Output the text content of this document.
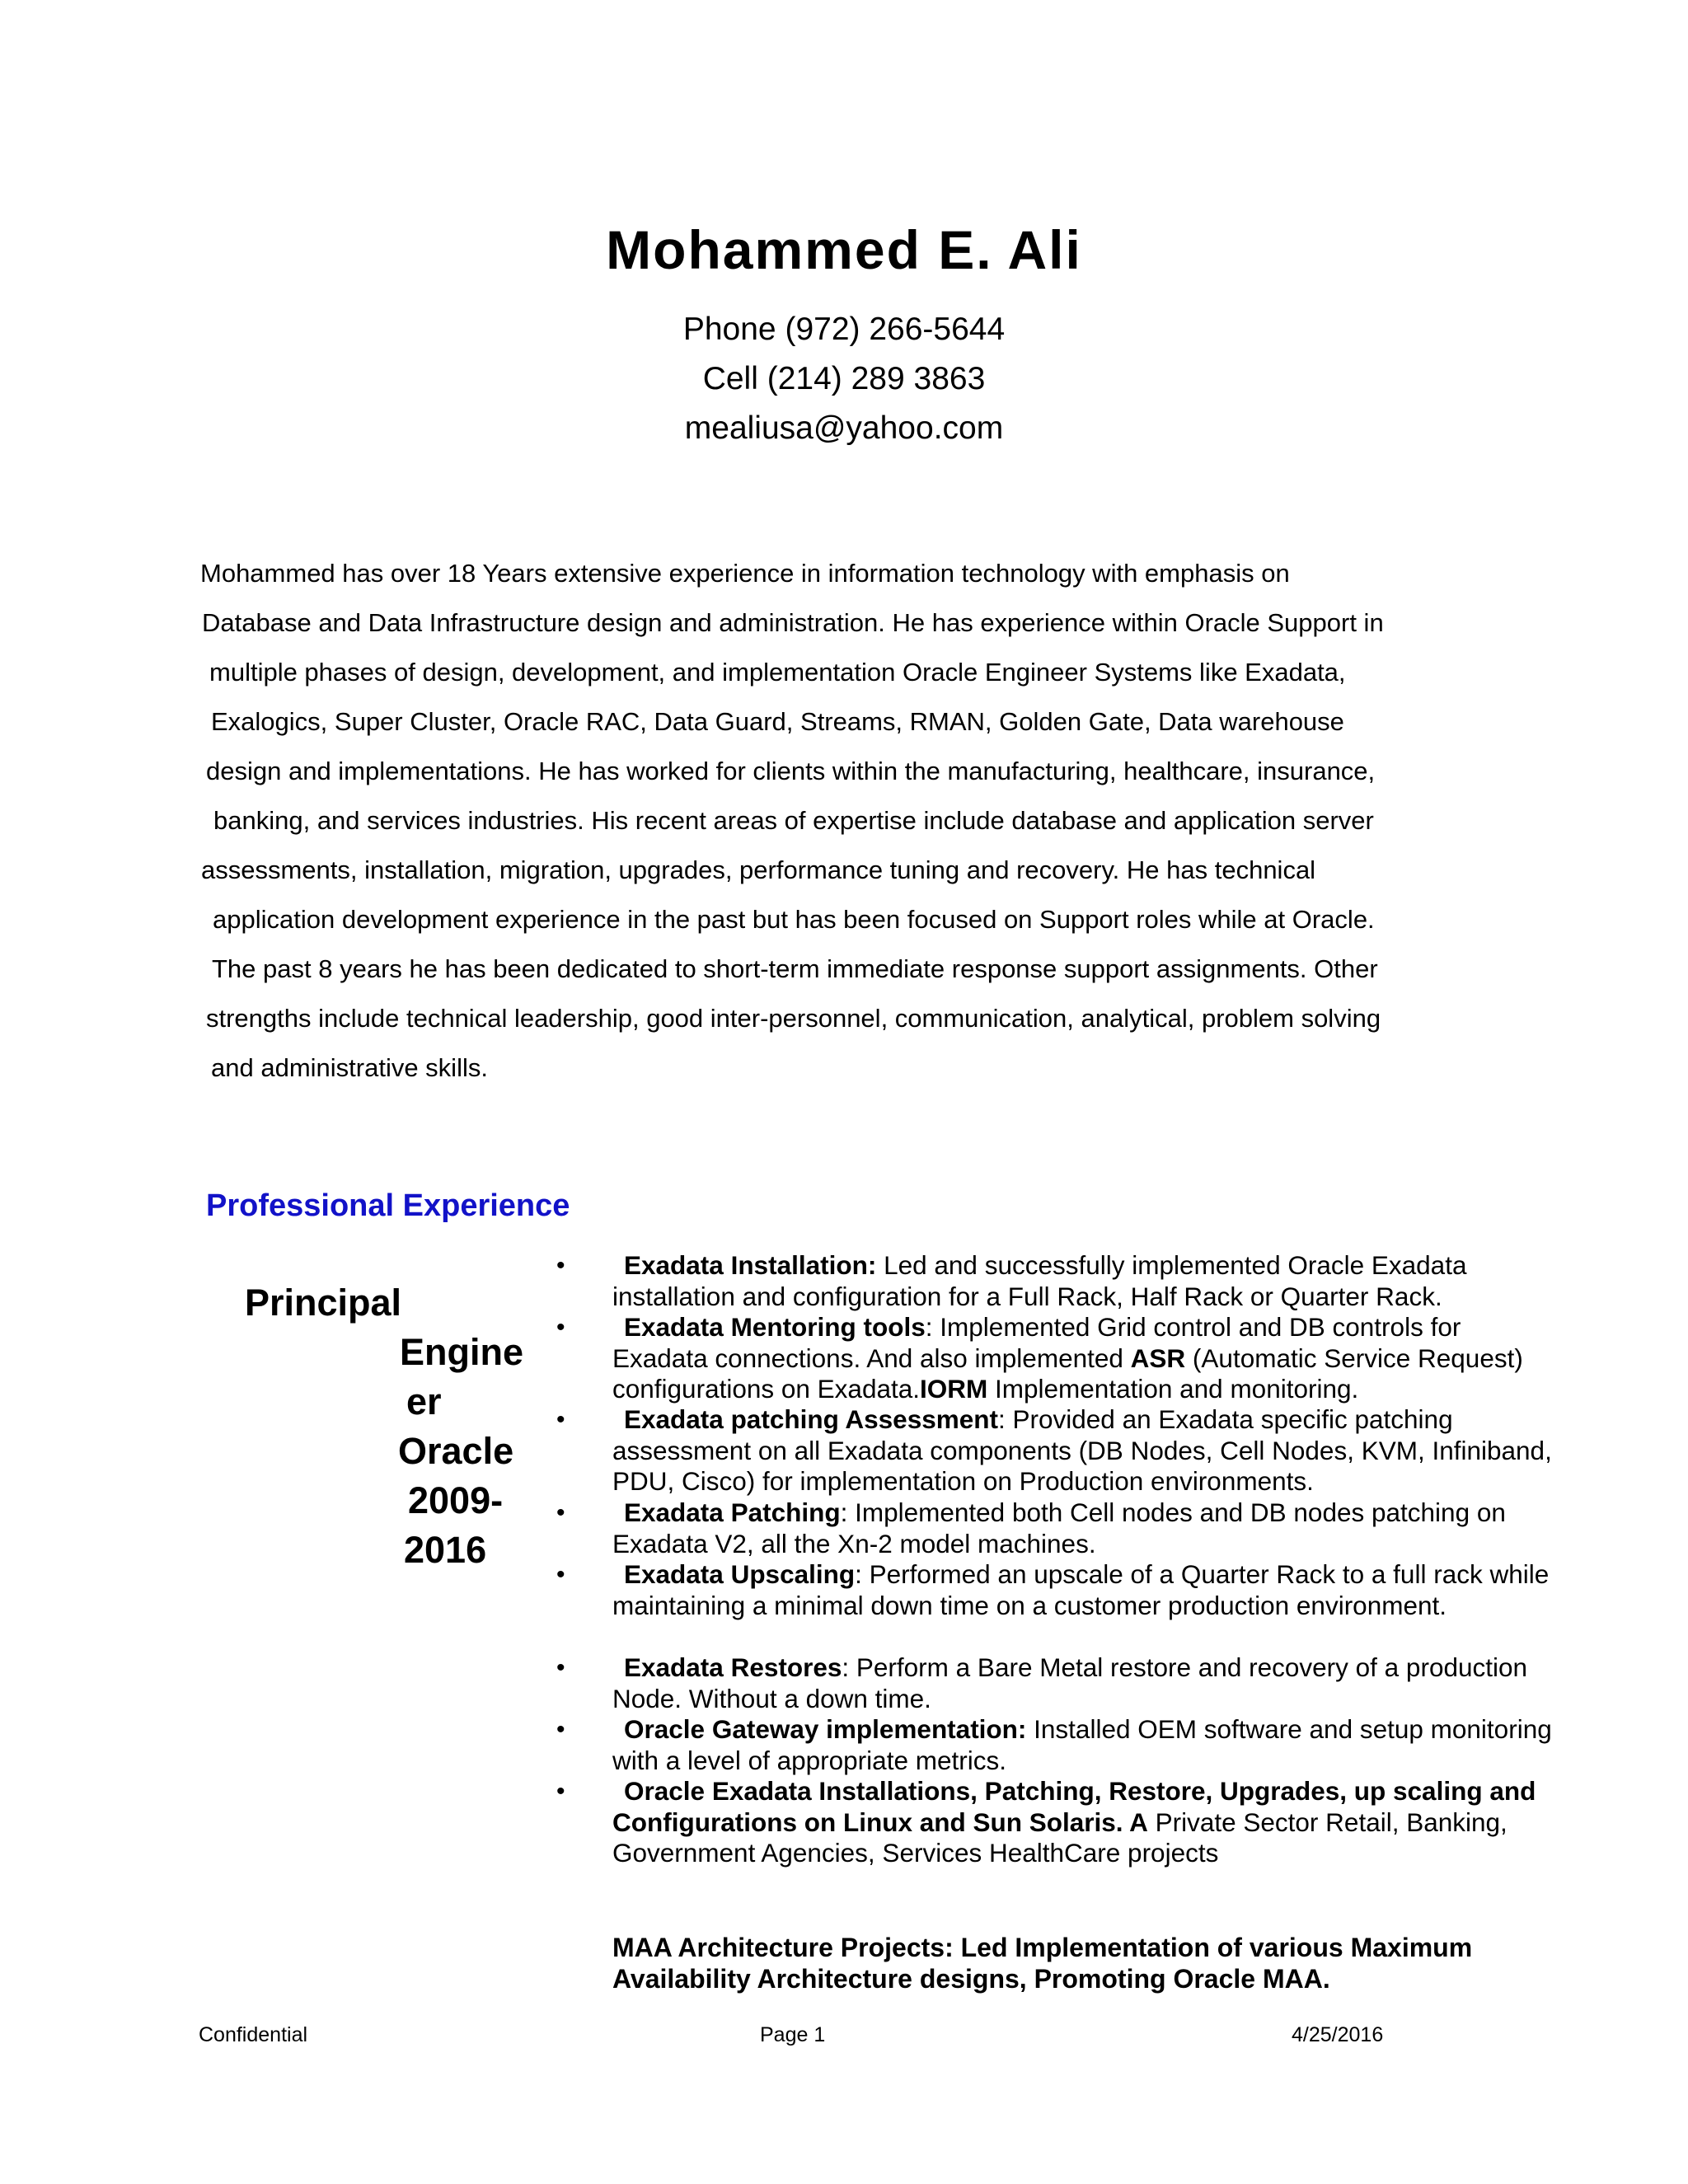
Mohammed E. Ali
Phone (972) 266-5644
Cell (214) 289 3863
mealiusa@yahoo.com
Mohammed has over 18 Years extensive experience in information technology with emphasis on
Database and Data Infrastructure design and administration. He has experience within Oracle Support in
multiple phases of design, development, and implementation Oracle Engineer Systems like Exadata,
Exalogics, Super Cluster, Oracle RAC, Data Guard, Streams, RMAN, Golden Gate, Data warehouse
design and implementations. He has worked for clients within the manufacturing, healthcare, insurance,
banking, and services industries. His recent areas of expertise include database and application server
assessments, installation, migration, upgrades, performance tuning and recovery. He has technical
application development experience in the past but has been focused on Support roles while at Oracle.
The past 8 years he has been dedicated to short-term immediate response support assignments. Other
strengths include technical leadership, good inter-personnel, communication, analytical, problem solving
and administrative skills.
Professional Experience
Principal
Engine
er
Oracle
2009-
2016
•	Exadata Installation: Led and successfully implemented Oracle Exadata installation and configuration for a Full Rack, Half Rack or Quarter Rack.
•	Exadata Mentoring tools: Implemented Grid control and DB controls for Exadata connections. And also implemented ASR (Automatic Service Request) configurations on Exadata.IORM Implementation and monitoring.
•	Exadata patching Assessment: Provided an Exadata specific patching assessment on all Exadata components (DB Nodes, Cell Nodes, KVM, Infiniband, PDU, Cisco) for implementation on Production environments.
•	Exadata Patching: Implemented both Cell nodes and DB nodes patching on Exadata V2, all the Xn-2 model machines.
•	Exadata Upscaling: Performed an upscale of a Quarter Rack to a full rack while maintaining a minimal down time on a customer production environment.
•	Exadata Restores: Perform a Bare Metal restore and recovery of a production Node. Without a down time.
•	Oracle Gateway implementation: Installed OEM software and setup monitoring with a level of appropriate metrics.
•	Oracle Exadata Installations, Patching, Restore, Upgrades, up scaling and Configurations on Linux and Sun Solaris. A Private Sector Retail, Banking, Government Agencies, Services HealthCare projects
MAA Architecture Projects: Led Implementation of various Maximum Availability Architecture designs, Promoting Oracle MAA.
Confidential	Page 1	4/25/2016
